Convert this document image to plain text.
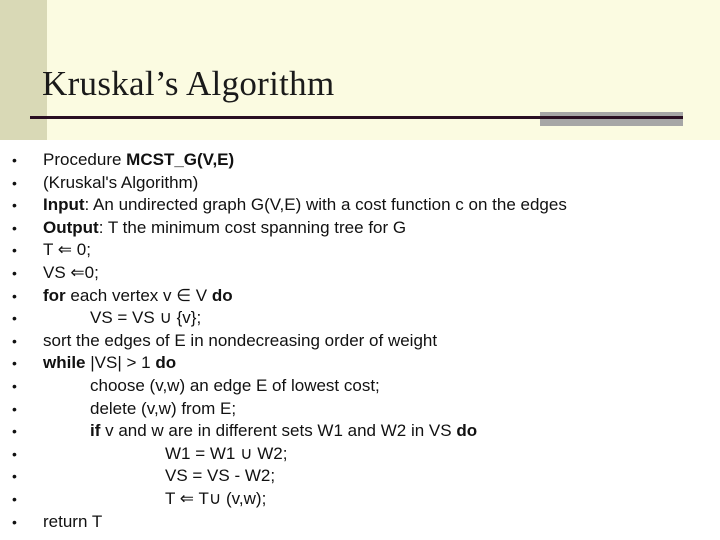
Kruskal’s Algorithm
• Procedure MCST_G(V,E)
• (Kruskal's Algorithm)
• Input: An undirected graph G(V,E) with a cost function c on the edges
• Output: T the minimum cost spanning tree for G
• T ⇐ 0;
• VS ⇐0;
• for each vertex v ∈ V do
•	VS = VS ∪ {v};
• sort the edges of E in nondecreasing order of weight
• while |VS| > 1 do
•	choose (v,w) an edge E of lowest cost;
•	delete (v,w) from E;
•	if v and w are in different sets W1 and W2 in VS do
•	W1 = W1 ∪ W2;
•	VS = VS - W2;
•	T ⇐ T∪ (v,w);
• return T
